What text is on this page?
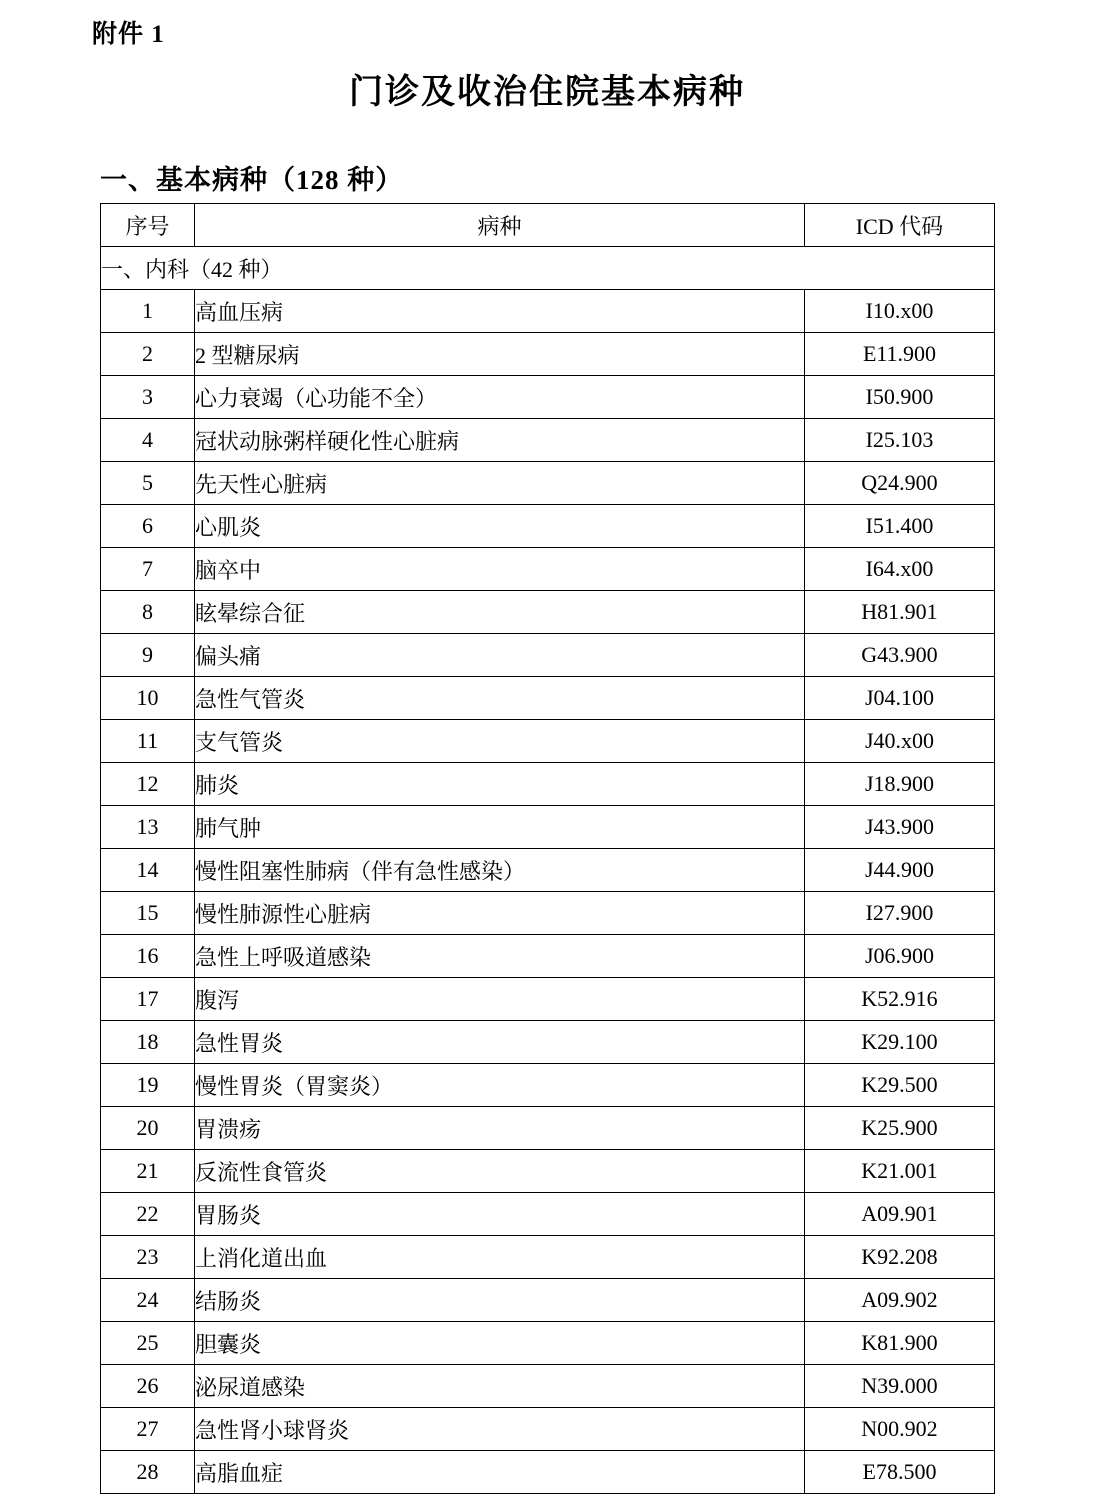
附件 1
门诊及收治住院基本病种
一、基本病种（128 种）
序号	病种	ICD 代码
一、内科（42 种）		
1	高血压病	I10.x00
2	2 型糖尿病	E11.900
3	心力衰竭（心功能不全）	I50.900
4	冠状动脉粥样硬化性心脏病	I25.103
5	先天性心脏病	Q24.900
6	心肌炎	I51.400
7	脑卒中	I64.x00
8	眩晕综合征	H81.901
9	偏头痛	G43.900
10	急性气管炎	J04.100
11	支气管炎	J40.x00
12	肺炎	J18.900
13	肺气肿	J43.900
14	慢性阻塞性肺病（伴有急性感染）	J44.900
15	慢性肺源性心脏病	I27.900
16	急性上呼吸道感染	J06.900
17	腹泻	K52.916
18	急性胃炎	K29.100
19	慢性胃炎（胃窦炎）	K29.500
20	胃溃疡	K25.900
21	反流性食管炎	K21.001
22	胃肠炎	A09.901
23	上消化道出血	K92.208
24	结肠炎	A09.902
25	胆囊炎	K81.900
26	泌尿道感染	N39.000
27	急性肾小球肾炎	N00.902
28	高脂血症	E78.500
